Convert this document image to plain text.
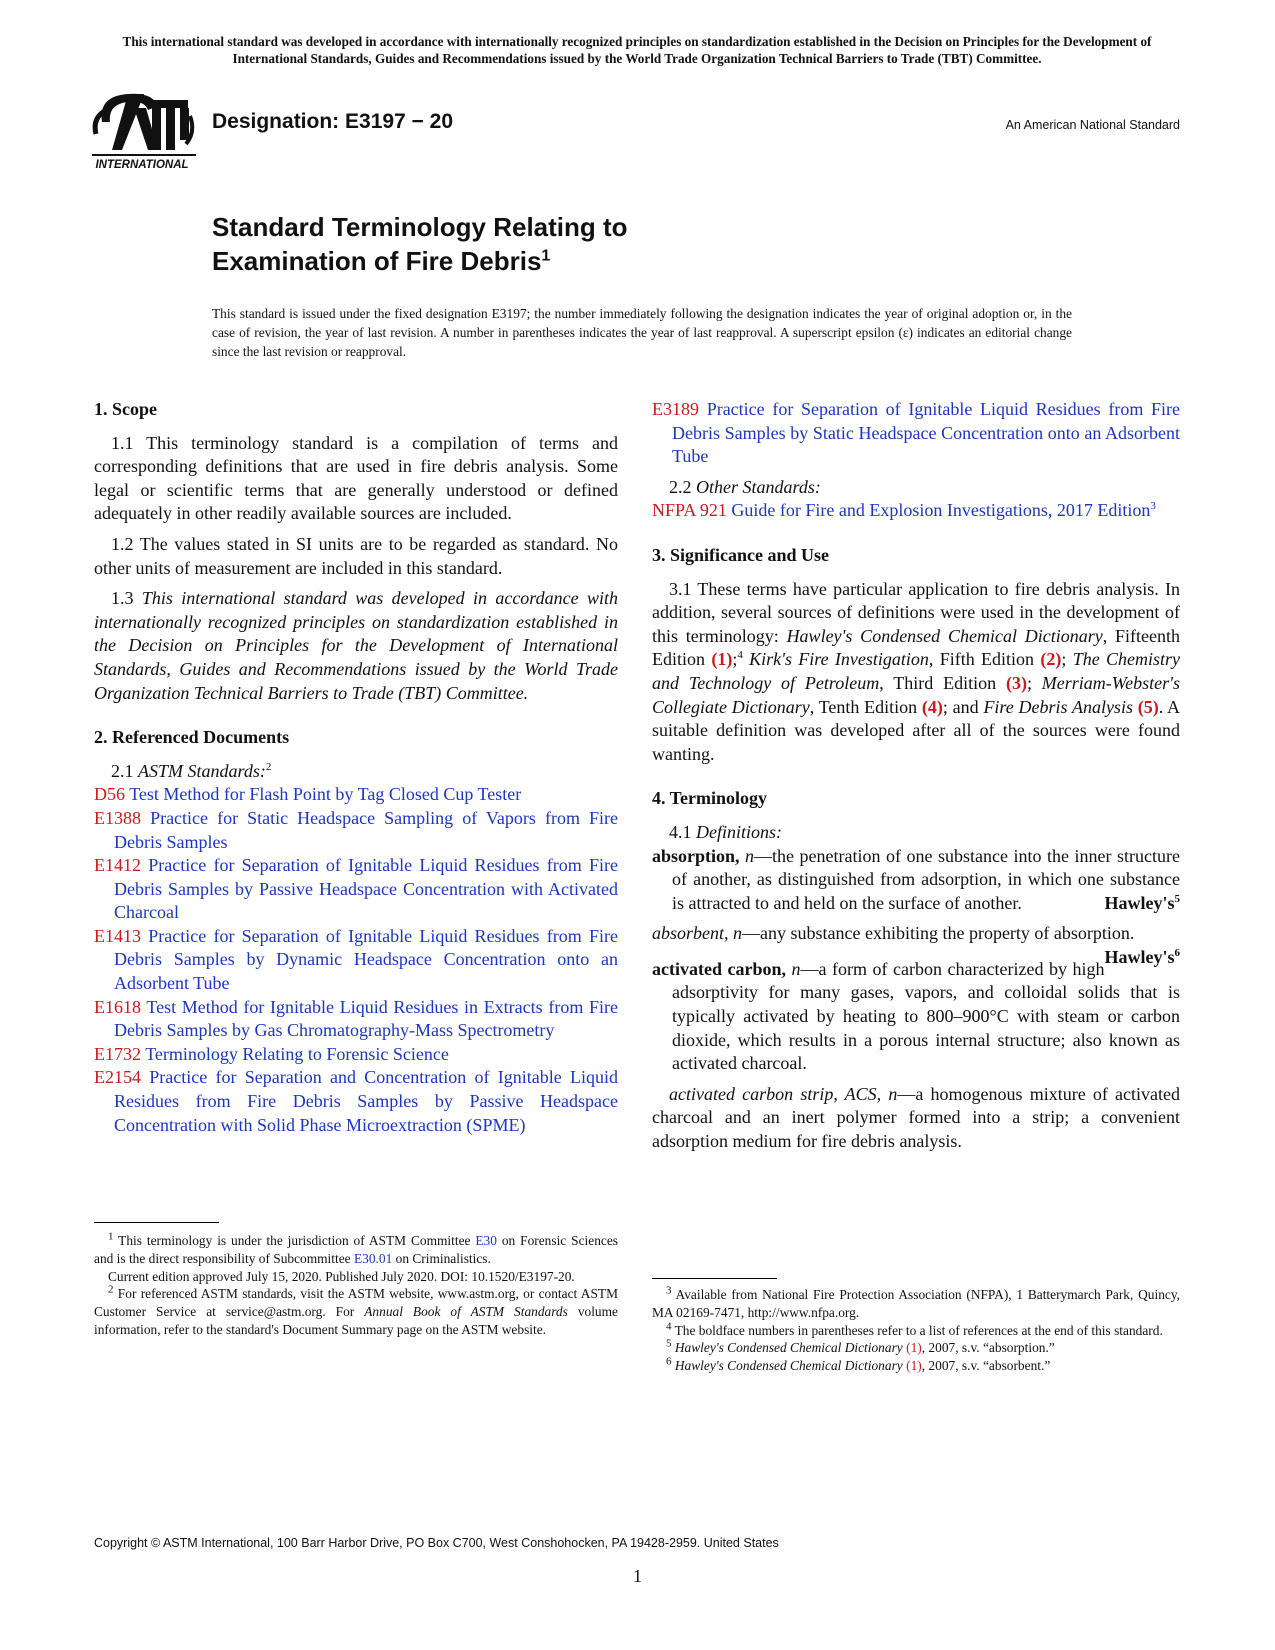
This international standard was developed in accordance with internationally recognized principles on standardization established in the Decision on Principles for the Development of International Standards, Guides and Recommendations issued by the World Trade Organization Technical Barriers to Trade (TBT) Committee.
INTERNATIONAL
Designation: E3197 − 20	An American National Standard
Standard Terminology Relating to
Examination of Fire Debris$^1$
This standard is issued under the fixed designation E3197; the number immediately following the designation indicates the year of original adoption or, in the case of revision, the year of last revision. A number in parentheses indicates the year of last reapproval. A superscript epsilon (ε) indicates an editorial change since the last revision or reapproval.

1. Scope

1.1 This terminology standard is a compilation of terms and corresponding definitions that are used in fire debris analysis. Some legal or scientific terms that are generally understood or defined adequately in other readily available sources are included.

1.2 The values stated in SI units are to be regarded as standard. No other units of measurement are included in this standard.

1.3 This international standard was developed in accordance with internationally recognized principles on standardization established in the Decision on Principles for the Development of International Standards, Guides and Recommendations issued by the World Trade Organization Technical Barriers to Trade (TBT) Committee.

2. Referenced Documents

2.1 ASTM Standards:$^2$

D56 Test Method for Flash Point by Tag Closed Cup Tester

E1388 Practice for Static Headspace Sampling of Vapors from Fire Debris Samples

E1412 Practice for Separation of Ignitable Liquid Residues from Fire Debris Samples by Passive Headspace Concentration with Activated Charcoal

E1413 Practice for Separation of Ignitable Liquid Residues from Fire Debris Samples by Dynamic Headspace Concentration onto an Adsorbent Tube

E1618 Test Method for Ignitable Liquid Residues in Extracts from Fire Debris Samples by Gas Chromatography-Mass Spectrometry

E1732 Terminology Relating to Forensic Science

E2154 Practice for Separation and Concentration of Ignitable Liquid Residues from Fire Debris Samples by Passive Headspace Concentration with Solid Phase Microextraction (SPME)

E3189 Practice for Separation of Ignitable Liquid Residues from Fire Debris Samples by Static Headspace Concentration onto an Adsorbent Tube

2.2 Other Standards:

NFPA 921 Guide for Fire and Explosion Investigations, 2017 Edition$^3$

3. Significance and Use

3.1 These terms have particular application to fire debris analysis. In addition, several sources of definitions were used in the development of this terminology: Hawley's Condensed Chemical Dictionary, Fifteenth Edition (1);$^4$ Kirk's Fire Investigation, Fifth Edition (2); The Chemistry and Technology of Petroleum, Third Edition (3); Merriam-Webster's Collegiate Dictionary, Tenth Edition (4); and Fire Debris Analysis (5). A suitable definition was developed after all of the sources were found wanting.

4. Terminology

4.1 Definitions:

absorption, n—the penetration of one substance into the inner structure of another, as distinguished from adsorption, in which one substance is attracted to and held on the surface of another.	$Hawley's^5$

absorbent, n—any substance exhibiting the property of absorption.
$Hawley's^6$

activated carbon, n—a form of carbon characterized by high adsorptivity for many gases, vapors, and colloidal solids that is typically activated by heating to 800–900°C with steam or carbon dioxide, which results in a porous internal structure; also known as activated charcoal.

activated carbon strip, ACS, n—a homogenous mixture of activated charcoal and an inert polymer formed into a strip; a convenient adsorption medium for fire debris analysis.

$^1$ This terminology is under the jurisdiction of ASTM Committee E30 on Forensic Sciences and is the direct responsibility of Subcommittee E30.01 on Criminalistics.

Current edition approved July 15, 2020. Published July 2020. DOI: 10.1520/E3197-20.

$^2$ For referenced ASTM standards, visit the ASTM website, www.astm.org, or contact ASTM Customer Service at service@astm.org. For Annual Book of ASTM Standards volume information, refer to the standard's Document Summary page on the ASTM website.

$^3$ Available from National Fire Protection Association (NFPA), 1 Batterymarch Park, Quincy, MA 02169-7471, http://www.nfpa.org.

$^4$ The boldface numbers in parentheses refer to a list of references at the end of this standard.

$^5$ Hawley's Condensed Chemical Dictionary (1), 2007, s.v. “absorption.”

$^6$ Hawley's Condensed Chemical Dictionary (1), 2007, s.v. “absorbent.”

Copyright © ASTM International, 100 Barr Harbor Drive, PO Box C700, West Conshohocken, PA 19428-2959. United States
1
